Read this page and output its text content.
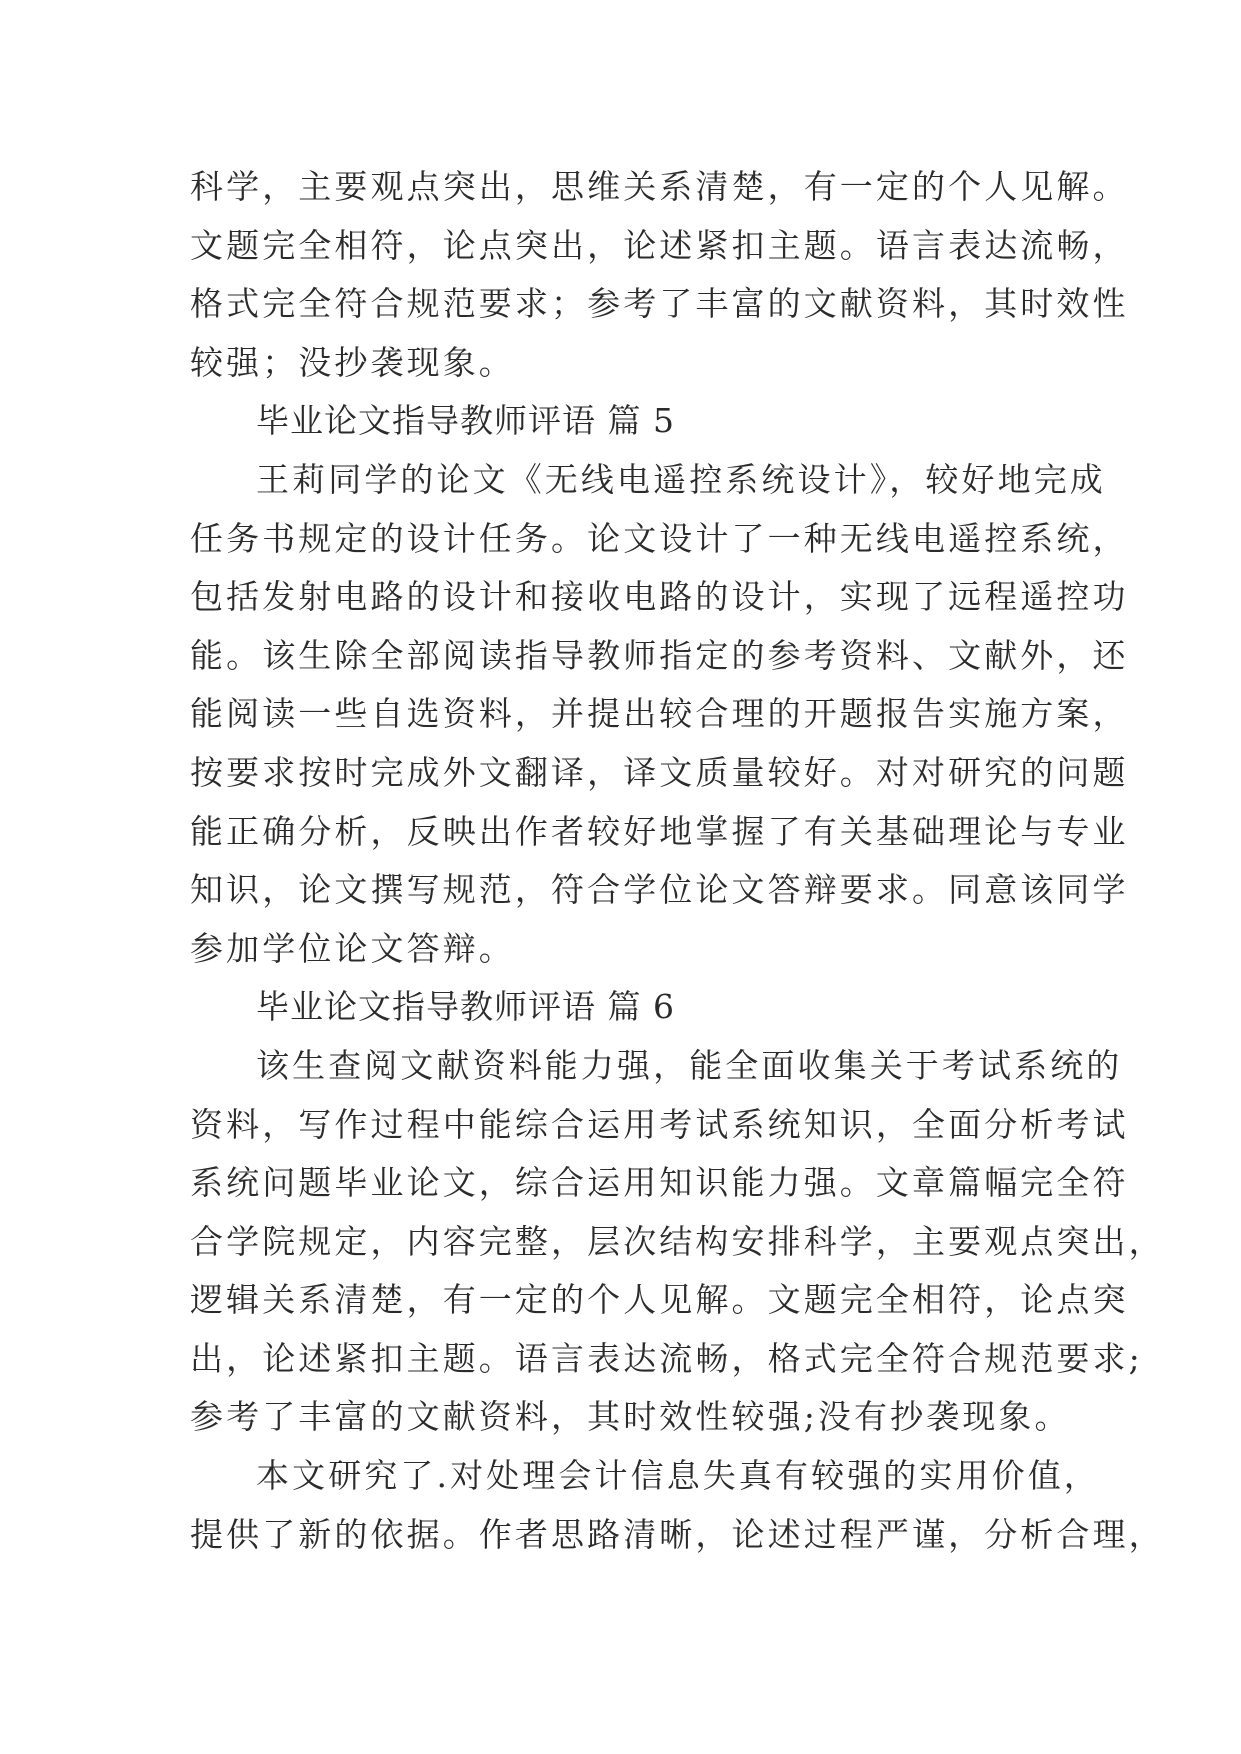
科学，主要观点突出，思维关系清楚，有一定的个人见解。
文题完全相符，论点突出，论述紧扣主题。语言表达流畅，
格式完全符合规范要求；参考了丰富的文献资料，其时效性
较强；没抄袭现象。
毕业论文指导教师评语 篇 5
王莉同学的论文《无线电遥控系统设计》，较好地完成
任务书规定的设计任务。论文设计了一种无线电遥控系统，
包括发射电路的设计和接收电路的设计，实现了远程遥控功
能。该生除全部阅读指导教师指定的参考资料、文献外，还
能阅读一些自选资料，并提出较合理的开题报告实施方案，
按要求按时完成外文翻译，译文质量较好。对对研究的问题
能正确分析，反映出作者较好地掌握了有关基础理论与专业
知识，论文撰写规范，符合学位论文答辩要求。同意该同学
参加学位论文答辩。
毕业论文指导教师评语 篇 6
该生查阅文献资料能力强，能全面收集关于考试系统的
资料，写作过程中能综合运用考试系统知识，全面分析考试
系统问题毕业论文，综合运用知识能力强。文章篇幅完全符
合学院规定，内容完整，层次结构安排科学，主要观点突出，
逻辑关系清楚，有一定的个人见解。文题完全相符，论点突
出，论述紧扣主题。语言表达流畅，格式完全符合规范要求;
参考了丰富的文献资料，其时效性较强;没有抄袭现象。
本文研究了.对处理会计信息失真有较强的实用价值，
提供了新的依据。作者思路清晰，论述过程严谨，分析合理，
